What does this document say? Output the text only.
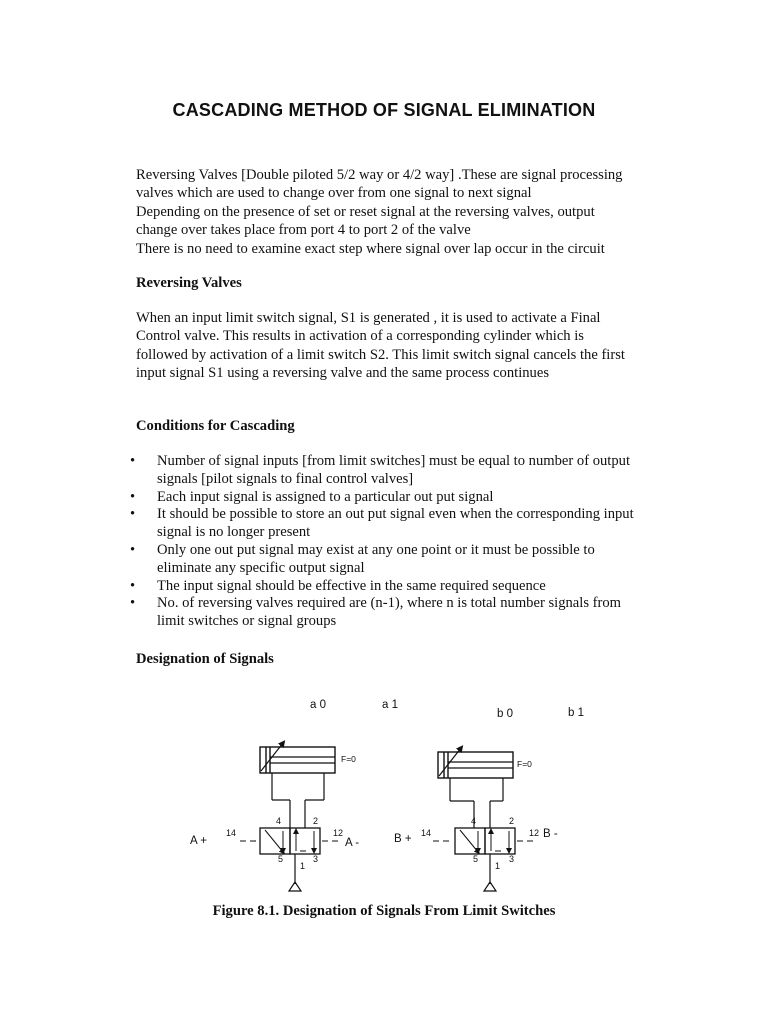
CASCADING METHOD OF SIGNAL ELIMINATION
Reversing Valves [Double piloted 5/2 way or 4/2 way] .These are signal processing
valves which are used to change over from one signal to next signal
Depending on the presence of set or reset signal at the reversing valves, output
change over takes place from port 4 to port 2 of the valve
There is no need to examine exact step where signal over lap occur in the circuit
Reversing Valves
When an input limit switch signal, S1 is generated , it is used to activate a Final
Control valve. This results in activation of a corresponding cylinder which is
followed by activation of a limit switch S2. This limit switch signal cancels the first
input signal S1 using a reversing valve and the same process continues
Conditions for Cascading
• Number of signal inputs [from limit switches] must be equal to number of output
signals [pilot signals to final control valves]
• Each input signal is assigned to a particular out put signal
• It should be possible to store an out put signal even when the corresponding input
signal is no longer present
• Only one out put signal may exist at any one point or it must be possible to
eliminate any specific output signal
• The input signal should be effective in the same required sequence
• No. of reversing valves required are (n-1), where n is total number signals from
limit switches or signal groups
Designation of Signals
a 0	a 1
F=0
4	2
14	12
A +	A -
5	3
1
b 0	b 1
F=0
4	2
14	12
B +	B -
5	3
1
Figure 8.1. Designation of Signals From Limit Switches
